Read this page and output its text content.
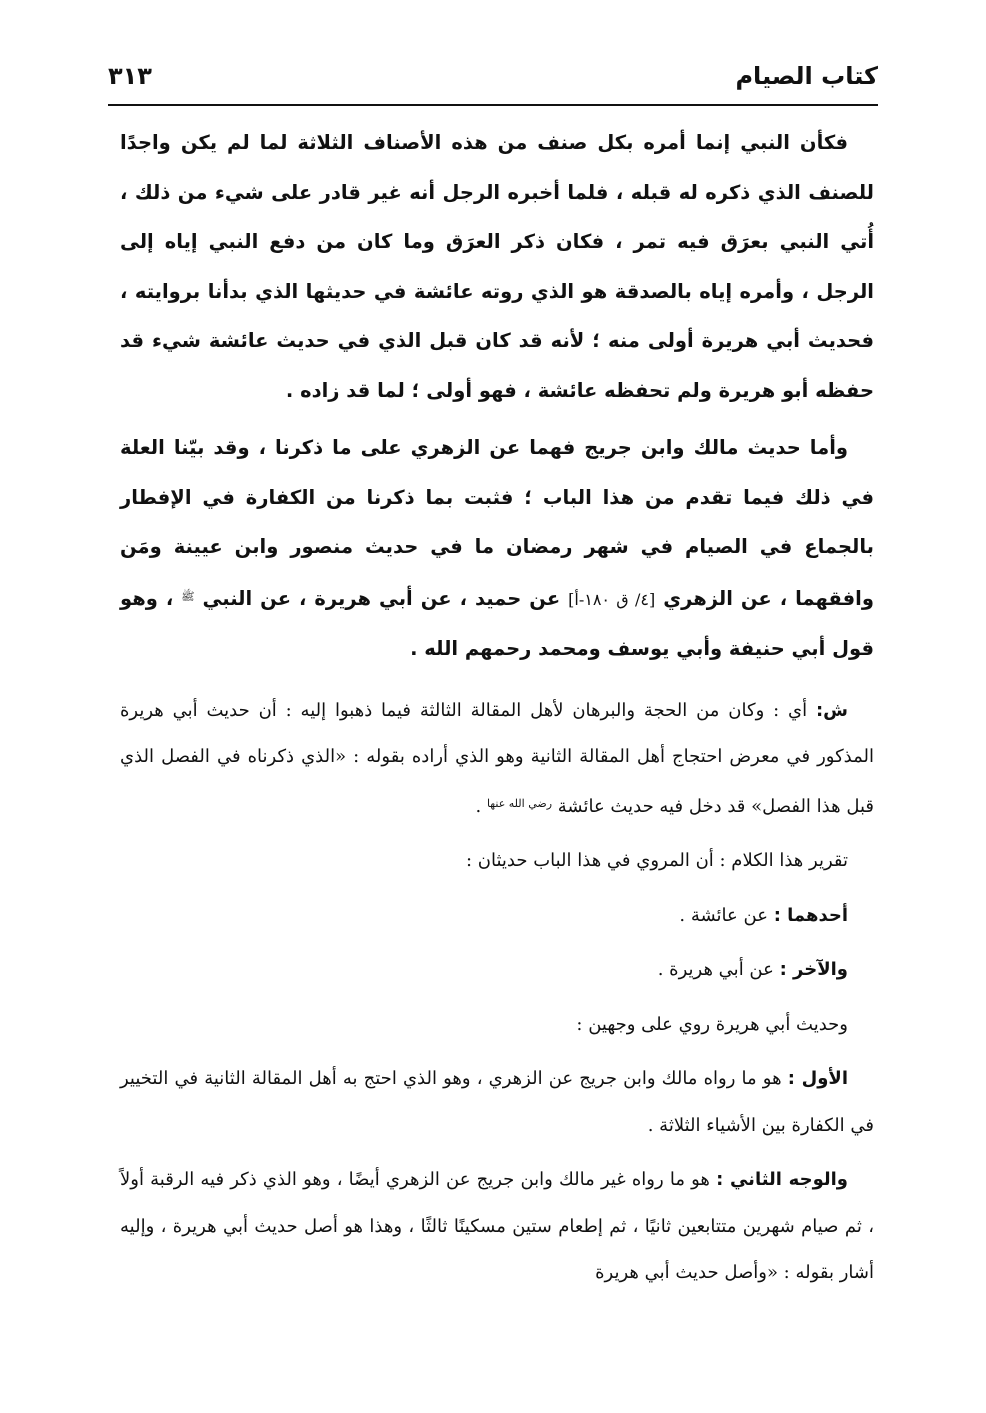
كتاب الصيام
٣١٣

فكأن النبي إنما أمره بكل صنف من هذه الأصناف الثلاثة لما لم يكن واجدًا للصنف الذي ذكره له قبله ، فلما أخبره الرجل أنه غير قادر على شيء من ذلك ، أُتي النبي بعرَق فيه تمر ، فكان ذكر العرَق وما كان من دفع النبي إياه إلى الرجل ، وأمره إياه بالصدقة هو الذي روته عائشة في حديثها الذي بدأنا بروايته ، فحديث أبي هريرة أولى منه ؛ لأنه قد كان قبل الذي في حديث عائشة شيء قد حفظه أبو هريرة ولم تحفظه عائشة ، فهو أولى ؛ لما قد زاده .

وأما حديث مالك وابن جريج فهما عن الزهري على ما ذكرنا ، وقد بيّنا العلة في ذلك فيما تقدم من هذا الباب ؛ فثبت بما ذكرنا من الكفارة في الإفطار بالجماع في الصيام في شهر رمضان ما في حديث منصور وابن عيينة ومَن وافقهما ، عن الزهري [٤/ ق ١٨٠-أ] عن حميد ، عن أبي هريرة ، عن النبي $^ﷺ$ ، وهو قول أبي حنيفة وأبي يوسف ومحمد رحمهم الله .

ش: أي : وكان من الحجة والبرهان لأهل المقالة الثالثة فيما ذهبوا إليه : أن حديث أبي هريرة المذكور في معرض احتجاج أهل المقالة الثانية وهو الذي أراده بقوله : «الذي ذكرناه في الفصل الذي قبل هذا الفصل» قد دخل فيه حديث عائشة $^{رضي الله عنها}$ .

تقرير هذا الكلام : أن المروي في هذا الباب حديثان :

أحدهما : عن عائشة .

والآخر : عن أبي هريرة .

وحديث أبي هريرة روي على وجهين :

الأول : هو ما رواه مالك وابن جريج عن الزهري ، وهو الذي احتج به أهل المقالة الثانية في التخيير في الكفارة بين الأشياء الثلاثة .

والوجه الثاني : هو ما رواه غير مالك وابن جريج عن الزهري أيضًا ، وهو الذي ذكر فيه الرقبة أولاً ، ثم صيام شهرين متتابعين ثانيًا ، ثم إطعام ستين مسكينًا ثالثًا ، وهذا هو أصل حديث أبي هريرة ، وإليه أشار بقوله : «وأصل حديث أبي هريرة
